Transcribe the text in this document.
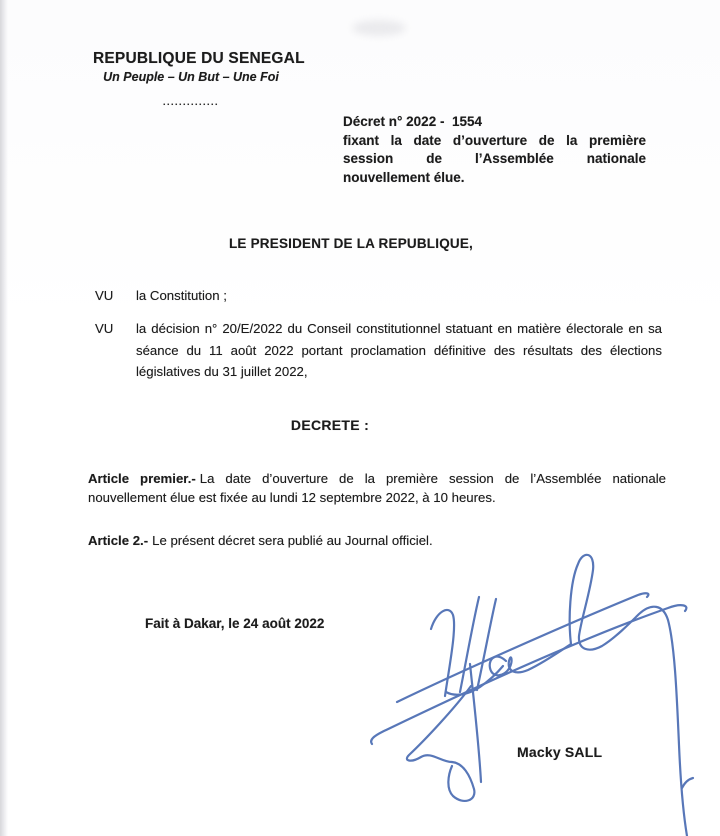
REPUBLIQUE DU SENEGAL
Un Peuple – Un But – Une Foi
..............
Décret n° 2022 -  1554
fixant la date d’ouverture de la première session de l’Assemblée nationale nouvellement élue.
LE PRESIDENT DE LA REPUBLIQUE,
VU	la Constitution ;
VU	la décision n° 20/E/2022 du Conseil constitutionnel statuant en matière électorale en sa séance du 11 août 2022 portant proclamation définitive des résultats des élections législatives du 31 juillet 2022,
DECRETE :
Article premier.- La date d’ouverture de la première session de l’Assemblée nationale nouvellement élue est fixée au lundi 12 septembre 2022, à 10 heures.
Article 2.- Le présent décret sera publié au Journal officiel.
Fait à Dakar, le 24 août 2022
Macky SALL
